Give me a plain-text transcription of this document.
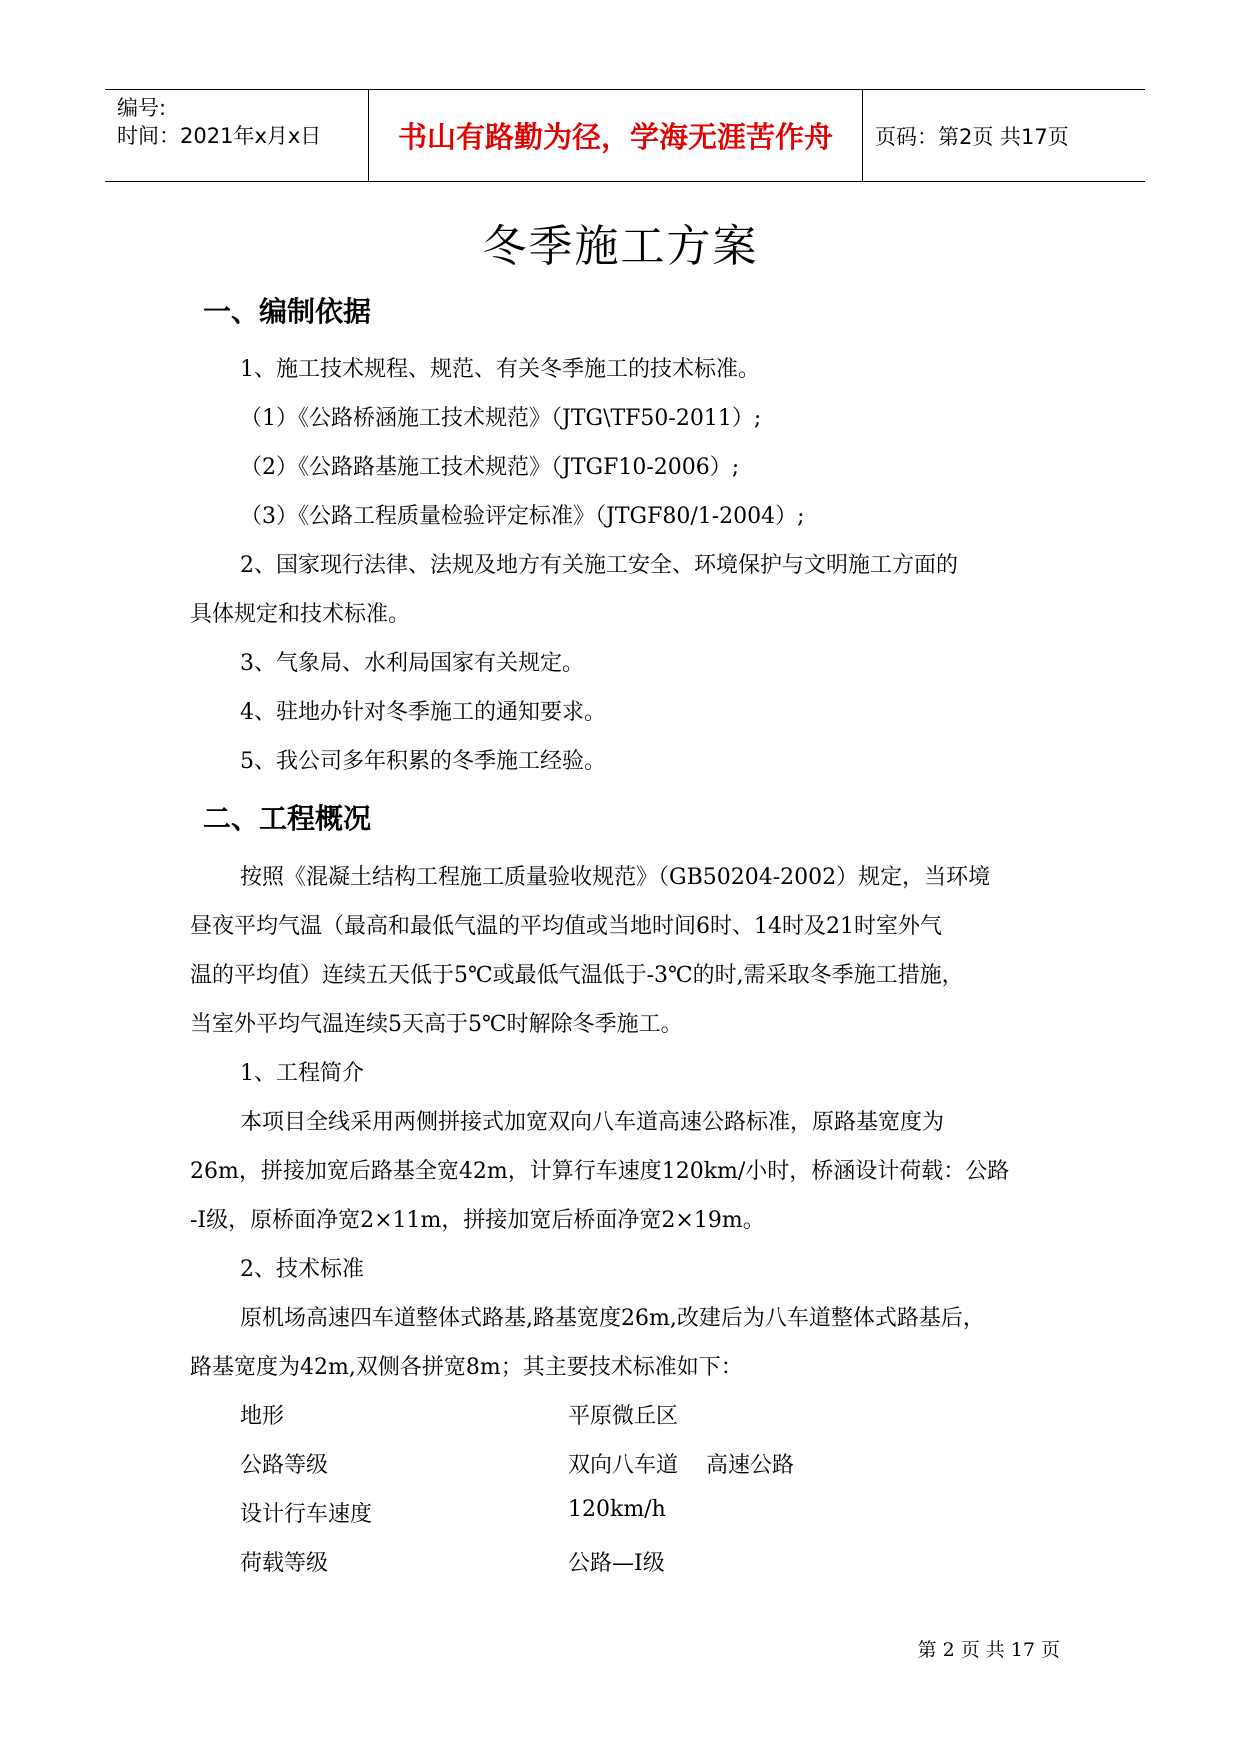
编号:
时间：2021年x月x日	书山有路勤为径，学海无涯苦作舟	页码：第2页 共17页
冬季施工方案
一、编制依据
1、施工技术规程、规范、有关冬季施工的技术标准。
（1）《公路桥涵施工技术规范》（JTG\TF50-2011）;
（2）《公路路基施工技术规范》（JTGF10-2006）;
（3）《公路工程质量检验评定标准》（JTGF80/1-2004）;
2、国家现行法律、法规及地方有关施工安全、环境保护与文明施工方面的
具体规定和技术标准。
3、气象局、水利局国家有关规定。
4、驻地办针对冬季施工的通知要求。
5、我公司多年积累的冬季施工经验。
二、工程概况
按照《混凝土结构工程施工质量验收规范》（GB50204-2002）规定，当环境
昼夜平均气温（最高和最低气温的平均值或当地时间6时、14时及21时室外气
温的平均值）连续五天低于5℃或最低气温低于-3℃的时,需采取冬季施工措施，
当室外平均气温连续5天高于5℃时解除冬季施工。
1、工程简介
本项目全线采用两侧拼接式加宽双向八车道高速公路标准，原路基宽度为
26m，拼接加宽后路基全宽42m，计算行车速度120km/小时，桥涵设计荷载：公路
-I级，原桥面净宽2×11m，拼接加宽后桥面净宽2×19m。
2、技术标准
原机场高速四车道整体式路基,路基宽度26m,改建后为八车道整体式路基后，
路基宽度为42m,双侧各拼宽8m；其主要技术标准如下：
地形	平原微丘区
公路等级	双向八车道    高速公路
设计行车速度	120km/h
荷载等级	公路—Ⅰ级
第 2 页 共 17 页
